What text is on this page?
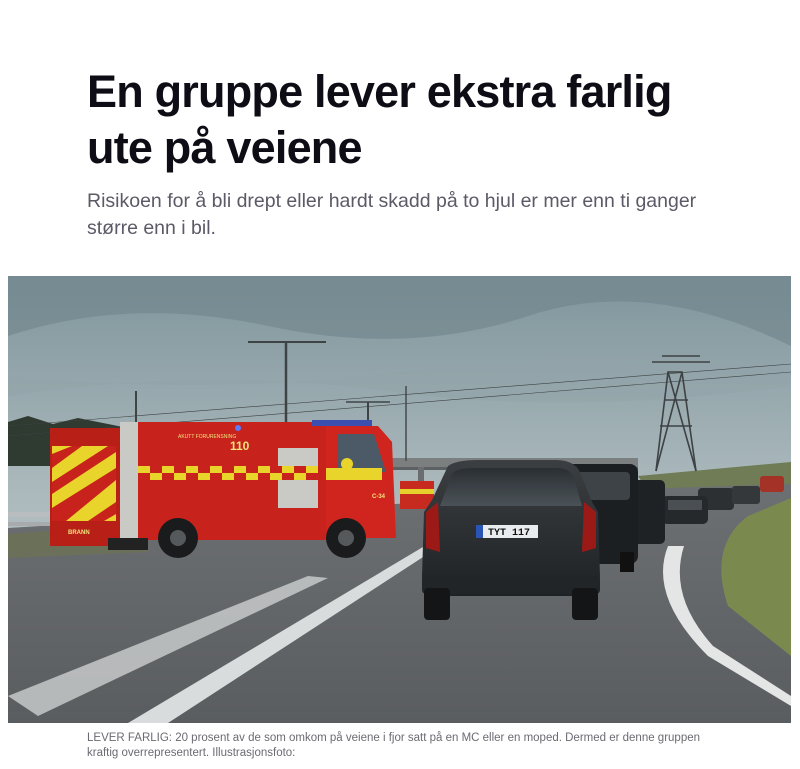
En gruppe lever ekstra farlig ute på veiene

Risikoen for å bli drept eller hardt skadd på to hjul er mer enn ti ganger større enn i bil.

TYT 117
110
AKUTT FORURENSNING
C-34
BRANN

LEVER FARLIG: 20 prosent av de som omkom på veiene i fjor satt på en MC eller en moped. Dermed er denne gruppen kraftig overrepresentert. Illustrasjonsfoto:
